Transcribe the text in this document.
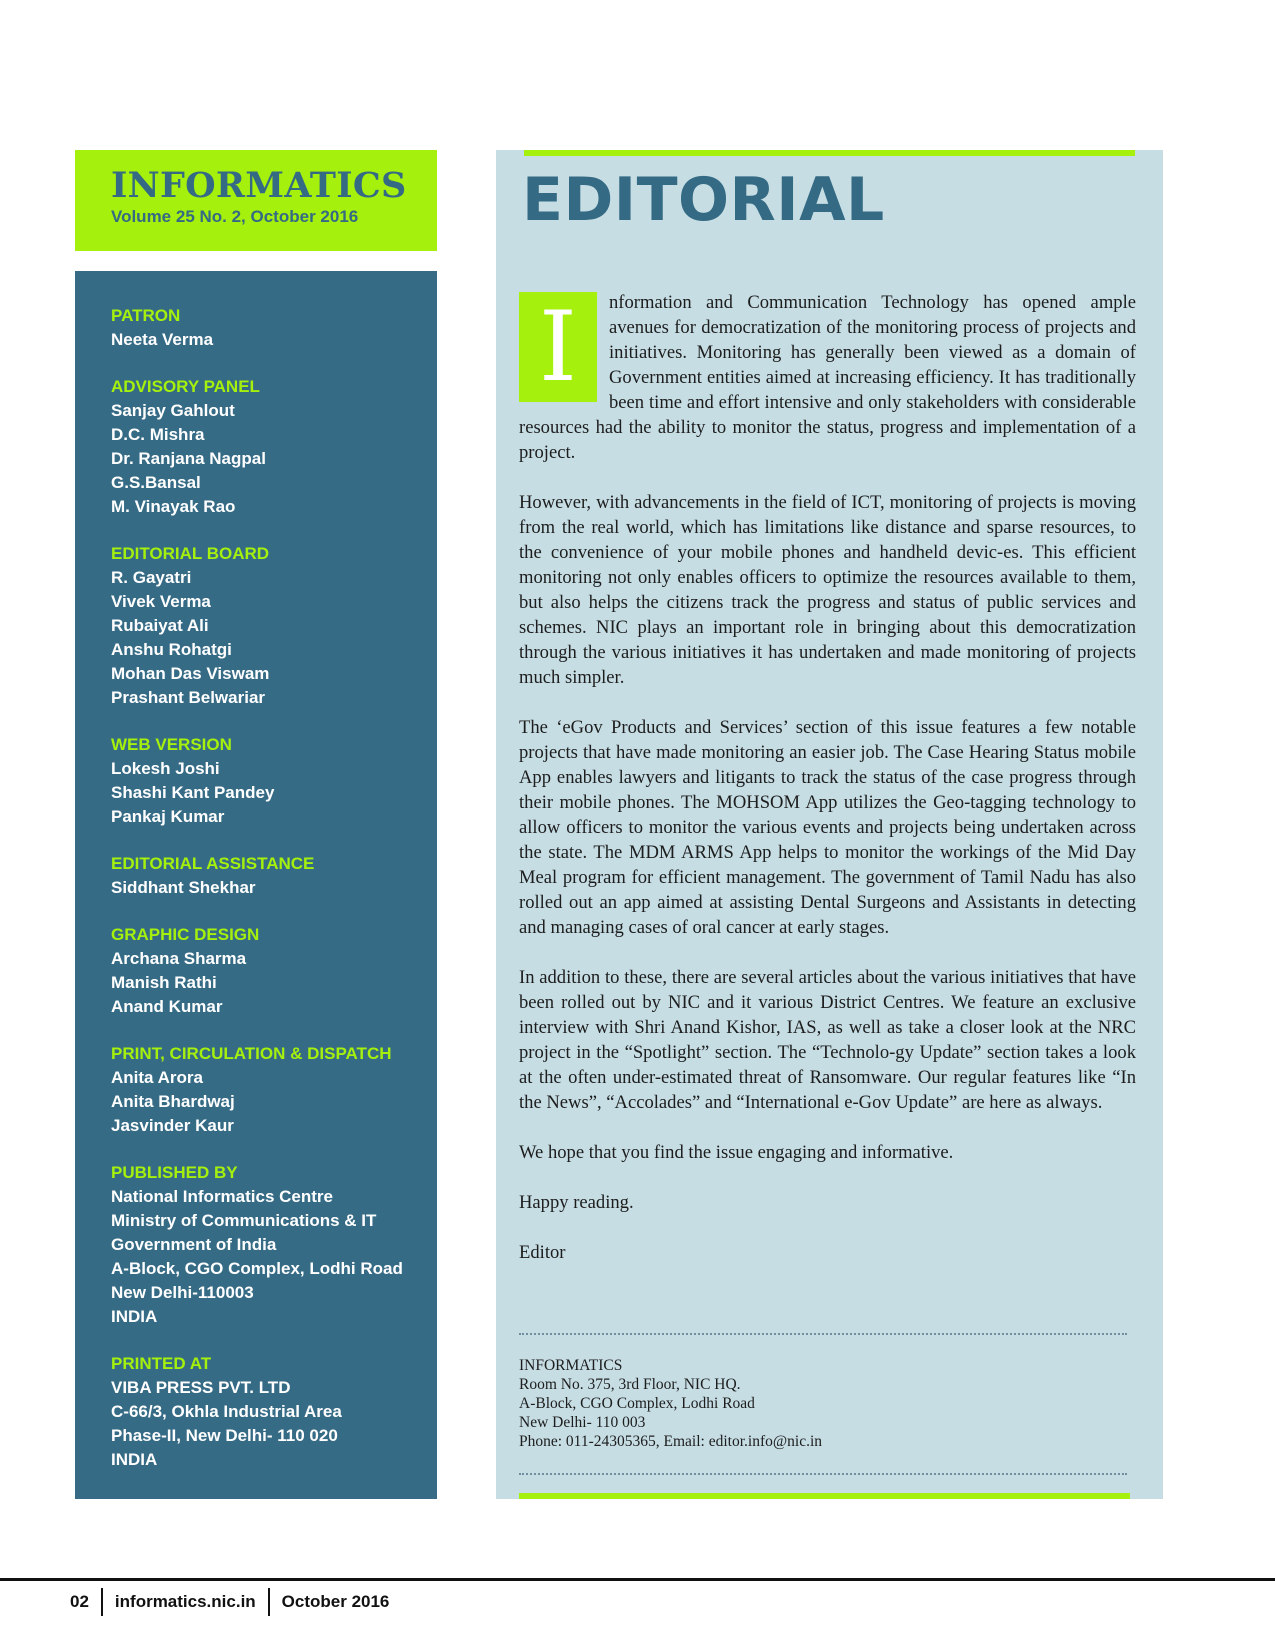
INFORMATICS
Volume 25 No. 2, October 2016
PATRON
Neeta Verma
ADVISORY PANEL
Sanjay Gahlout
D.C. Mishra
Dr. Ranjana Nagpal
G.S.Bansal
M. Vinayak Rao
EDITORIAL BOARD
R. Gayatri
Vivek Verma
Rubaiyat Ali
Anshu Rohatgi
Mohan Das Viswam
Prashant Belwariar
WEB VERSION
Lokesh Joshi
Shashi Kant Pandey
Pankaj Kumar
EDITORIAL ASSISTANCE
Siddhant Shekhar
GRAPHIC DESIGN
Archana Sharma
Manish Rathi
Anand Kumar
PRINT, CIRCULATION & DISPATCH
Anita Arora
Anita Bhardwaj
Jasvinder Kaur
PUBLISHED BY
National Informatics Centre
Ministry of Communications & IT
Government of India
A-Block, CGO Complex, Lodhi Road
New Delhi-110003
INDIA
PRINTED AT
VIBA PRESS PVT. LTD
C-66/3, Okhla Industrial Area
Phase-II, New Delhi- 110 020
INDIA
EDITORIAL

I	nformation and Communication Technology has opened ample avenues for democratization of the monitoring process of projects and initiatives. Monitoring has generally been viewed as a domain of Government entities aimed at increasing efficiency. It has traditionally been time and effort intensive and only stakeholders with considerable resources had the ability to monitor the status, progress and implementation of a project.

However, with advancements in the field of ICT, monitoring of projects is moving from the real world, which has limitations like distance and sparse resources, to the convenience of your mobile phones and handheld devic-es. This efficient monitoring not only enables officers to optimize the resources available to them, but also helps the citizens track the progress and status of public services and schemes. NIC plays an important role in bringing about this democratization through the various initiatives it has undertaken and made monitoring of projects much simpler.

The ‘eGov Products and Services’ section of this issue features a few notable projects that have made monitoring an easier job. The Case Hearing Status mobile App enables lawyers and litigants to track the status of the case progress through their mobile phones. The MOHSOM App utilizes the Geo-tagging technology to allow officers to monitor the various events and projects being undertaken across the state. The MDM ARMS App helps to monitor the workings of the Mid Day Meal program for efficient management. The government of Tamil Nadu has also rolled out an app aimed at assisting Dental Surgeons and Assistants in detecting and managing cases of oral cancer at early stages.

In addition to these, there are several articles about the various initiatives that have been rolled out by NIC and it various District Centres. We feature an exclusive interview with Shri Anand Kishor, IAS, as well as take a closer look at the NRC project in the “Spotlight” section. The “Technolo-gy Update” section takes a look at the often under-estimated threat of Ransomware. Our regular features like “In the News”, “Accolades” and “International e-Gov Update” are here as always.

We hope that you find the issue engaging and informative.

Happy reading.

Editor

INFORMATICS
Room No. 375, 3rd Floor, NIC HQ.
A-Block, CGO Complex, Lodhi Road
New Delhi- 110 003
Phone: 011-24305365, Email: editor.info@nic.in
02 informatics.nic.in October 2016
